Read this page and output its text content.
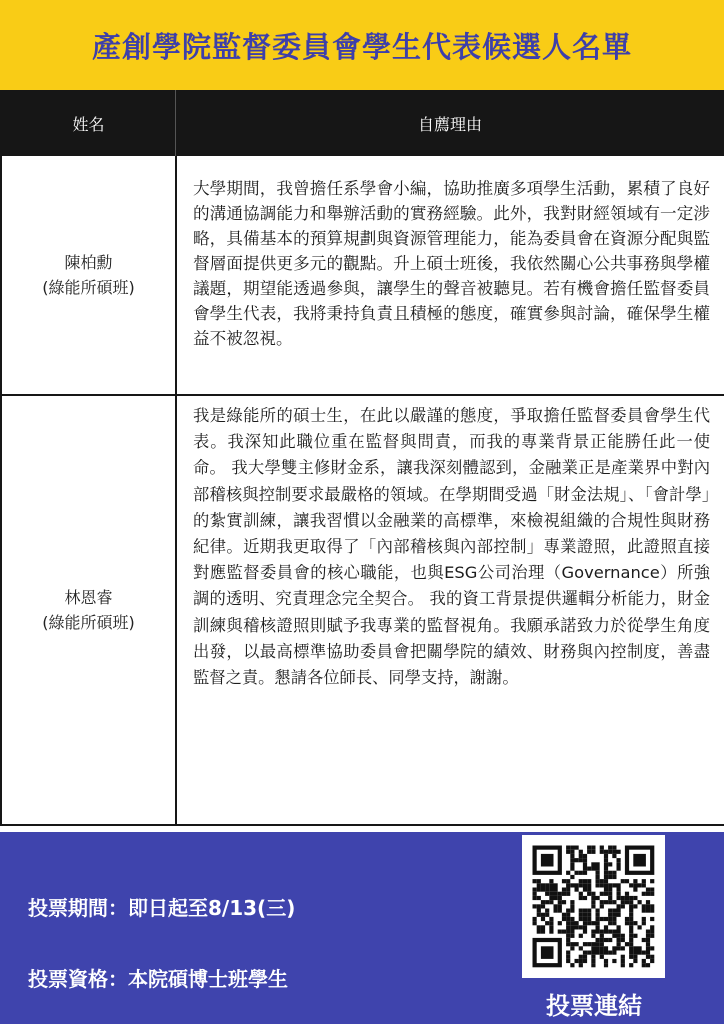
產創學院監督委員會學生代表候選人名單
姓名	自薦理由
陳柏勳
(綠能所碩班)
大學期間，我曾擔任系學會小編，協助推廣多項學生活動，累積了良好的溝通協調能力和舉辦活動的實務經驗。此外，我對財經領域有一定涉略，具備基本的預算規劃與資源管理能力，能為委員會在資源分配與監督層面提供更多元的觀點。升上碩士班後，我依然關心公共事務與學權議題，期望能透過參與，讓學生的聲音被聽見。若有機會擔任監督委員會學生代表，我將秉持負責且積極的態度，確實參與討論，確保學生權益不被忽視。
林恩睿
(綠能所碩班)
我是綠能所的碩士生，在此以嚴謹的態度，爭取擔任監督委員會學生代表。我深知此職位重在監督與問責，而我的專業背景正能勝任此一使命。 我大學雙主修財金系，讓我深刻體認到，金融業正是產業界中對內部稽核與控制要求最嚴格的領域。在學期間受過「財金法規」、「會計學」的紮實訓練，讓我習慣以金融業的高標準，來檢視組織的合規性與財務紀律。近期我更取得了「內部稽核與內部控制」專業證照，此證照直接對應監督委員會的核心職能，也與ESG公司治理（Governance）所強調的透明、究責理念完全契合。 我的資工背景提供邏輯分析能力，財金訓練與稽核證照則賦予我專業的監督視角。我願承諾致力於從學生角度出發，以最高標準協助委員會把關學院的績效、財務與內控制度，善盡監督之責。懇請各位師長、同學支持，謝謝。
投票期間：即日起至8/13(三)
投票資格：本院碩博士班學生
投票連結
